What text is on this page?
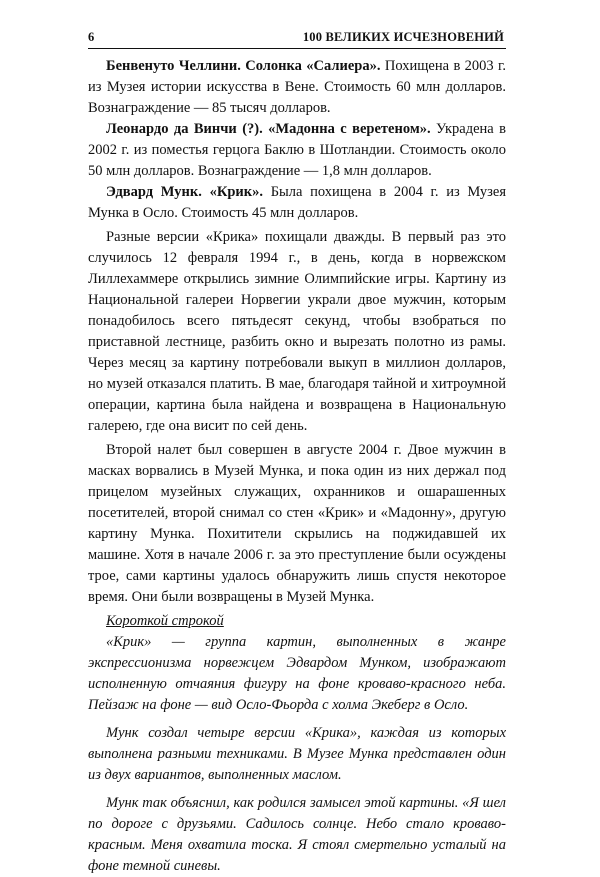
6	100 ВЕЛИКИХ ИСЧЕЗНОВЕНИЙ

Бенвенуто Челлини. Солонка «Салиера». Похищена в 2003 г. из Музея истории искусства в Вене. Стоимость 60 млн долларов. Вознаграждение — 85 тысяч долларов.

Леонардо да Винчи (?). «Мадонна с веретеном». Украдена в 2002 г. из поместья герцога Баклю в Шотландии. Стоимость около 50 млн долларов. Вознаграждение — 1,8 млн долларов.

Эдвард Мунк. «Крик». Была похищена в 2004 г. из Музея Мунка в Осло. Стоимость 45 млн долларов.

Разные версии «Крика» похищали дважды. В первый раз это случилось 12 февраля 1994 г., в день, когда в норвежском Лиллехаммере открылись зимние Олимпийские игры. Картину из Национальной галереи Норвегии украли двое мужчин, которым понадобилось всего пятьдесят секунд, чтобы взобраться по приставной лестнице, разбить окно и вырезать полотно из рамы. Через месяц за картину потребовали выкуп в миллион долларов, но музей отказался платить. В мае, благодаря тайной и хитроумной операции, картина была найдена и возвращена в Национальную галерею, где она висит по сей день.

Второй налет был совершен в августе 2004 г. Двое мужчин в масках ворвались в Музей Мунка, и пока один из них держал под прицелом музейных служащих, охранников и ошарашенных посетителей, второй снимал со стен «Крик» и «Мадонну», другую картину Мунка. Похитители скрылись на поджидавшей их машине. Хотя в начале 2006 г. за это преступление были осуждены трое, сами картины удалось обнаружить лишь спустя некоторое время. Они были возвращены в Музей Мунка.

Короткой строкой

«Крик» — группа картин, выполненных в жанре экспрессионизма норвежцем Эдвардом Мунком, изображают исполненную отчаяния фигуру на фоне кроваво-красного неба. Пейзаж на фоне — вид Осло-Фьорда с холма Экеберг в Осло.

Мунк создал четыре версии «Крика», каждая из которых выполнена разными техниками. В Музее Мунка представлен один из двух вариантов, выполненных маслом.

Мунк так объяснил, как родился замысел этой картины. «Я шел по дороге с друзьями. Садилось солнце. Небо стало кроваво-красным. Меня охватила тоска. Я стоял смертельно усталый на фоне темной синевы.
